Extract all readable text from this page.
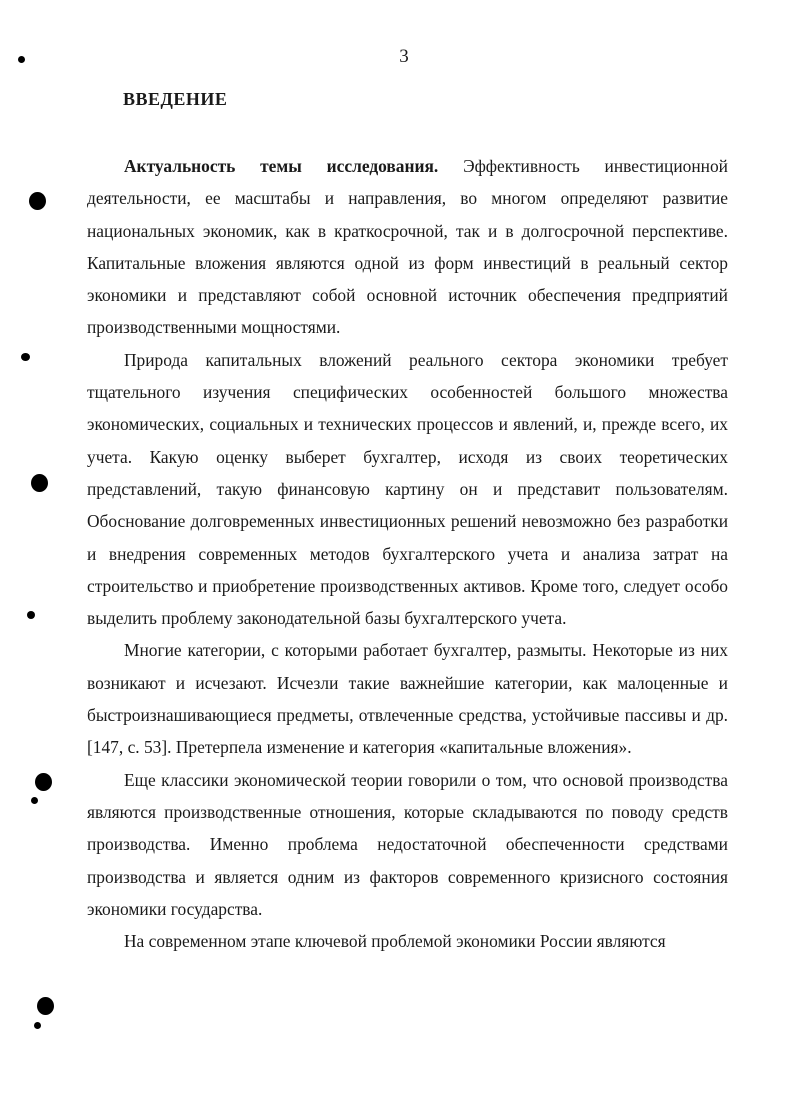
3
ВВЕДЕНИЕ

Актуальность темы исследования. Эффективность инвестиционной деятельности, ее масштабы и направления, во многом определяют развитие национальных экономик, как в краткосрочной, так и в долгосрочной перспективе. Капитальные вложения являются одной из форм инвестиций в реальный сектор экономики и представляют собой основной источник обеспечения предприятий производственными мощностями.

Природа капитальных вложений реального сектора экономики требует тщательного изучения специфических особенностей большого множества экономических, социальных и технических процессов и явлений, и, прежде всего, их учета. Какую оценку выберет бухгалтер, исходя из своих теоретических представлений, такую финансовую картину он и представит пользователям. Обоснование долговременных инвестиционных решений невозможно без разработки и внедрения современных методов бухгалтерского учета и анализа затрат на строительство и приобретение производственных активов. Кроме того, следует особо выделить проблему законодательной базы бухгалтерского учета.

Многие категории, с которыми работает бухгалтер, размыты. Некоторые из них возникают и исчезают. Исчезли такие важнейшие категории, как малоценные и быстроизнашивающиеся предметы, отвлеченные средства, устойчивые пассивы и др. [147, с. 53]. Претерпела изменение и категория «капитальные вложения».

Еще классики экономической теории говорили о том, что основой производства являются производственные отношения, которые складываются по поводу средств производства. Именно проблема недостаточной обеспеченности средствами производства и является одним из факторов современного кризисного состояния экономики государства.

На современном этапе ключевой проблемой экономики России являются
